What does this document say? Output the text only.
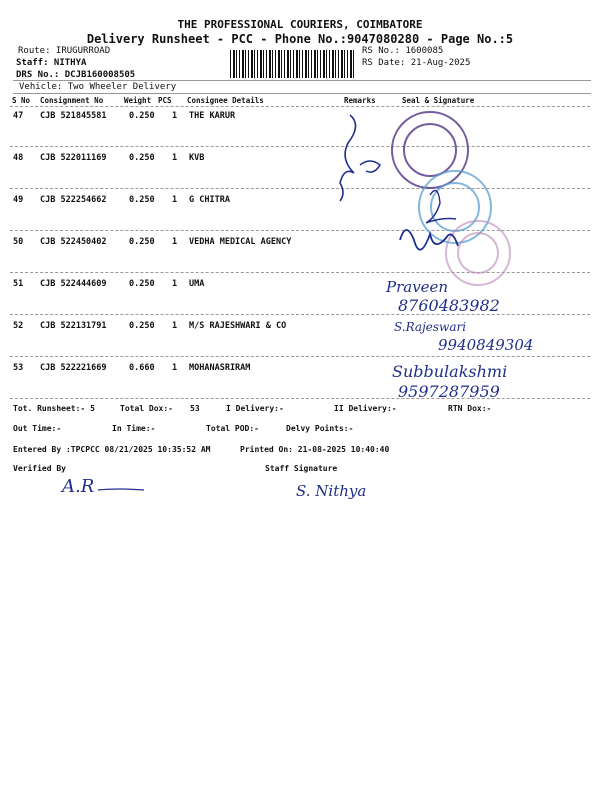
THE PROFESSIONAL COURIERS, COIMBATORE
Delivery Runsheet - PCC - Phone No.:9047080280 - Page No.:5
Route: IRUGURROAD
Staff: NITHYA
DRS No.: DCJB160008505
RS No.: 1600085
RS Date: 21-Aug-2025
Vehicle: Two Wheeler Delivery
S No Consignment No	Weight PCS Consignee Details	Remarks	Seal & Signature
47 CJB 521845581	0.250 1 THE KARUR
48 CJB 522011169	0.250 1 KVB
49 CJB 522254662	0.250 1 G CHITRA
50 CJB 522450402	0.250 1 VEDHA MEDICAL AGENCY
51 CJB 522444609	0.250 1 UMA
52 CJB 522131791	0.250 1 M/S RAJESHWARI & CO
53 CJB 522221669	0.660 1 MOHANASRIRAM
Praveen
8760483982
S.Rajeswari
9940849304
Subbulakshmi
9597287959
Tot. Runsheet:- 5	Total Dox:- 53	I Delivery:-	II Delivery:-	RTN Dox:-
Out Time:-	In Time:-	Total POD:-	Delvy Points:-
Entered By :TPCPCC 08/21/2025 10:35:52 AM	Printed On: 21-08-2025 10:40:40
Verified By	Staff Signature
A.R	S. Nithya
